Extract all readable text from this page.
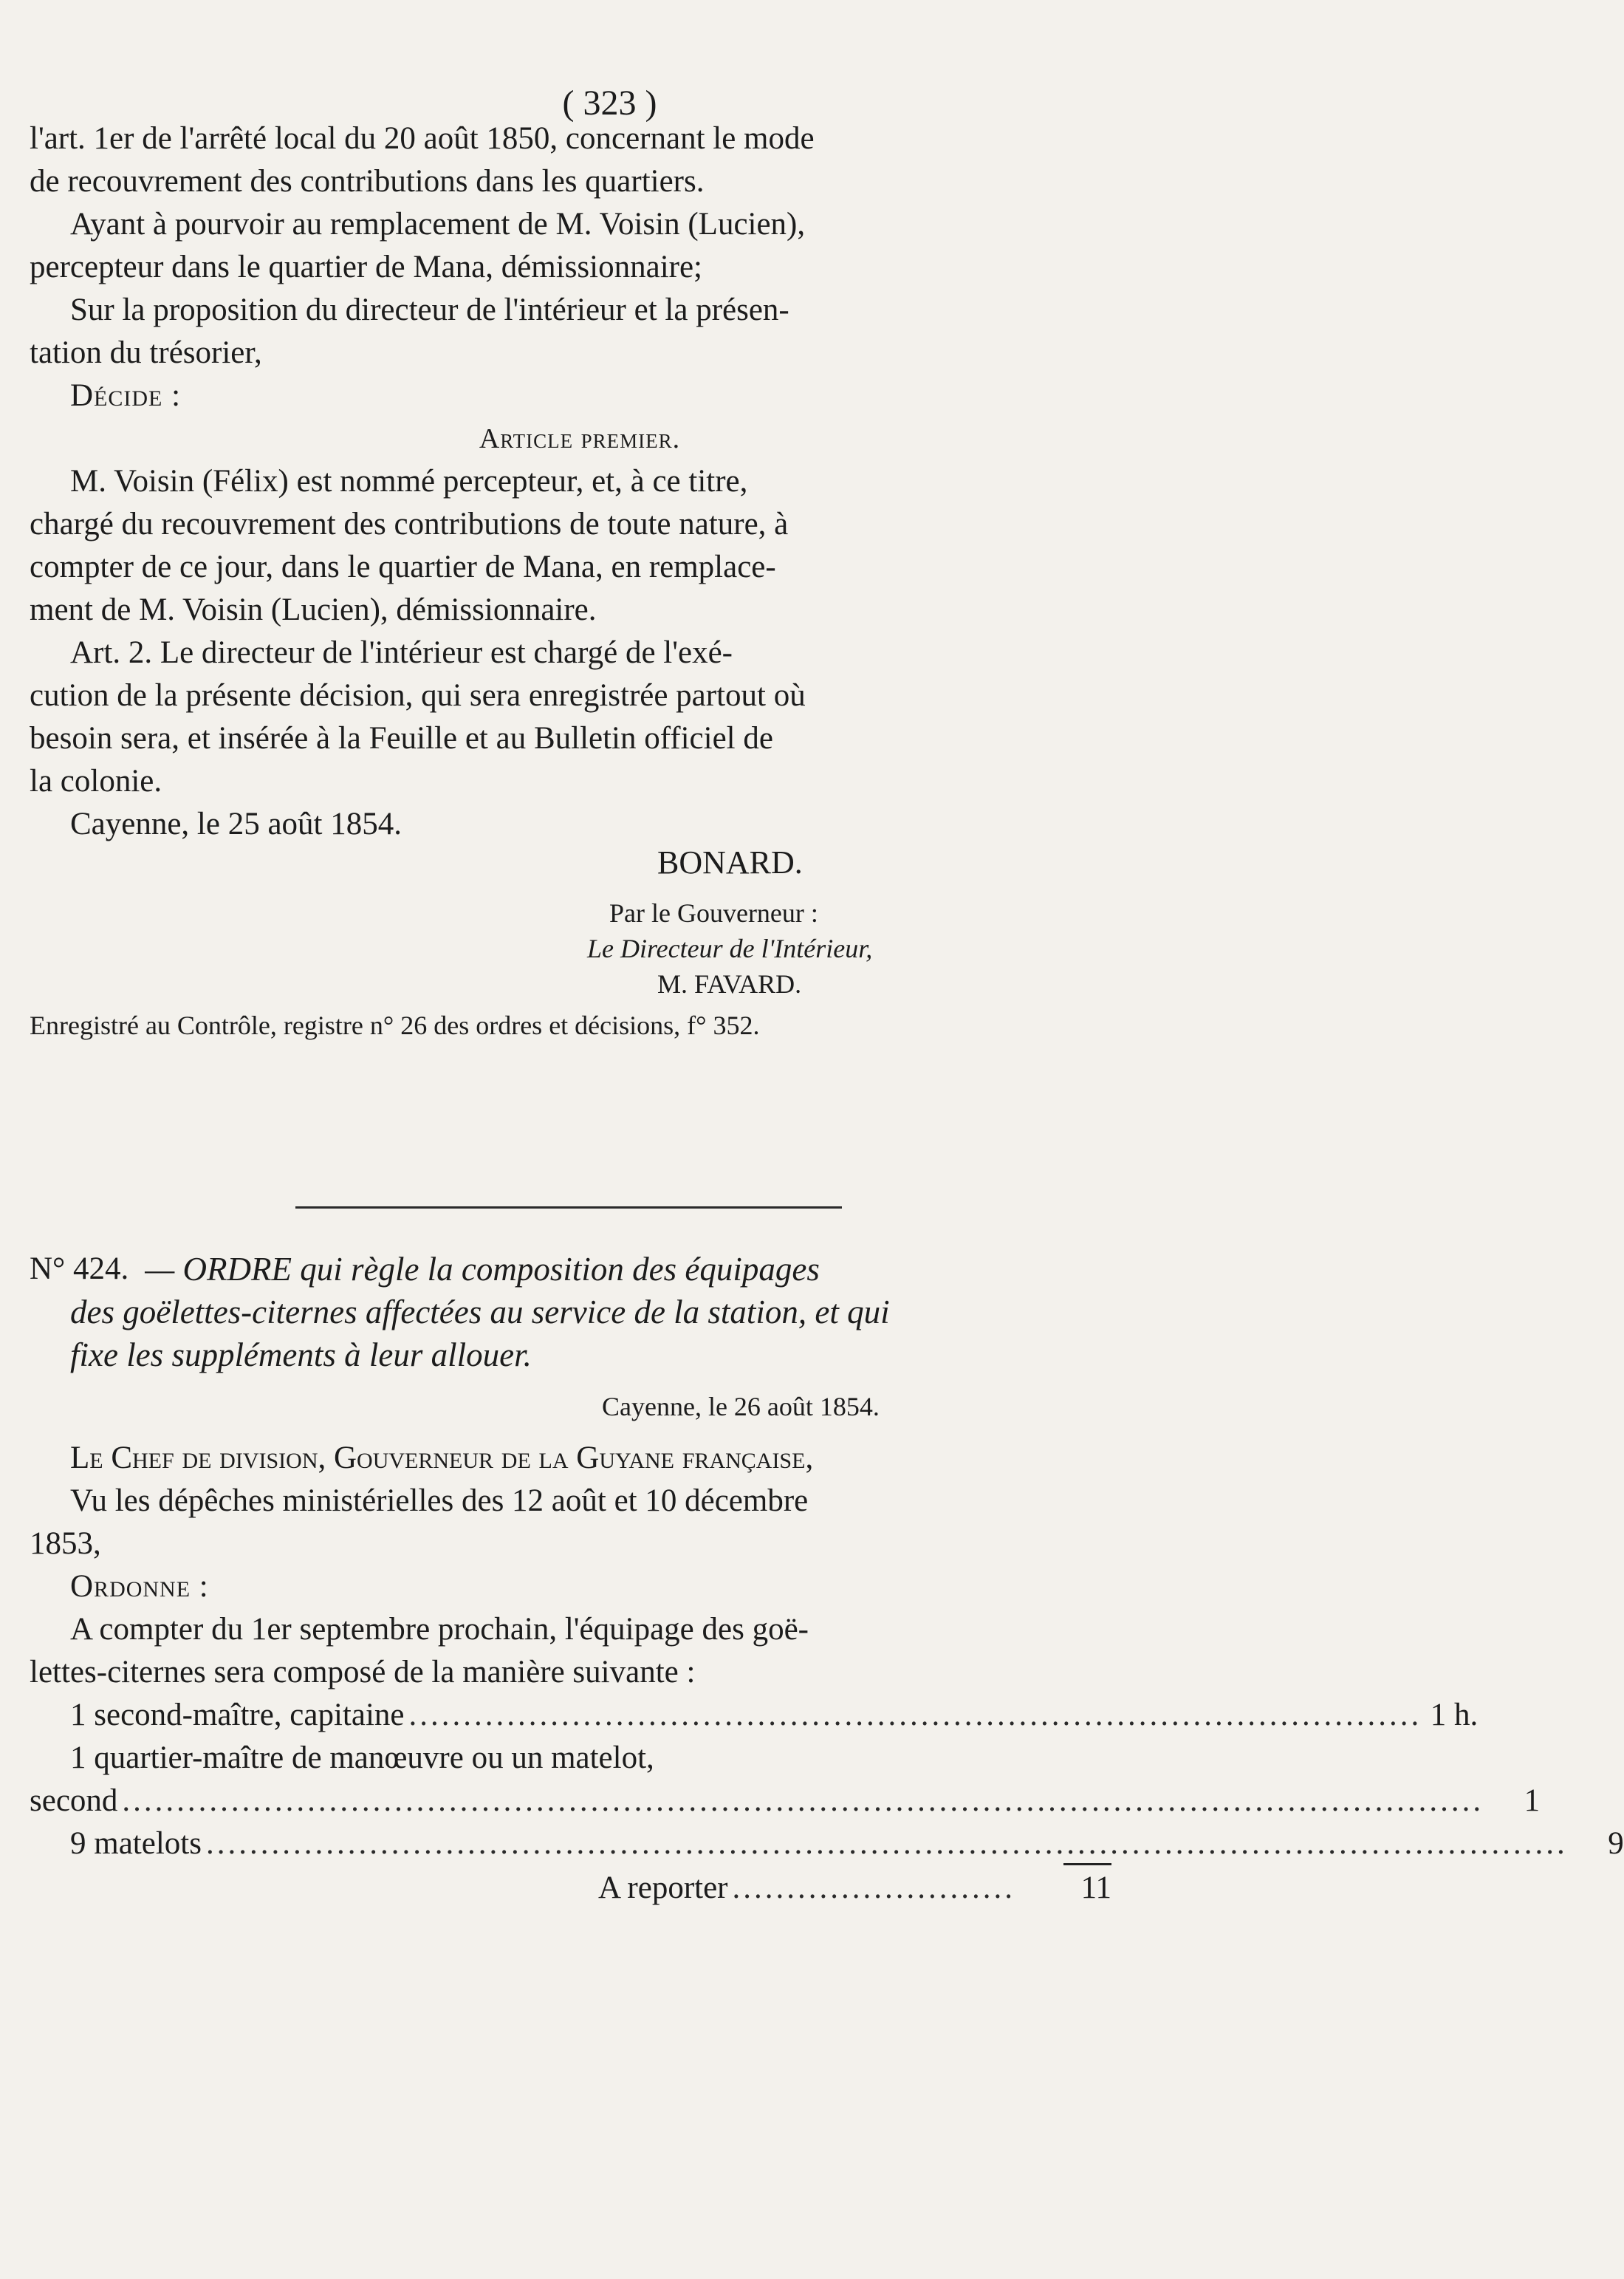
( 323 )
l'art. 1er de l'arrêté local du 20 août 1850, concernant le mode
de recouvrement des contributions dans les quartiers.
Ayant à pourvoir au remplacement de M. Voisin (Lucien),
percepteur dans le quartier de Mana, démissionnaire;
Sur la proposition du directeur de l'intérieur et la présen-
tation du trésorier,
Décide :
Article premier.
M. Voisin (Félix) est nommé percepteur, et, à ce titre,
chargé du recouvrement des contributions de toute nature, à
compter de ce jour, dans le quartier de Mana, en remplace-
ment de M. Voisin (Lucien), démissionnaire.
Art. 2. Le directeur de l'intérieur est chargé de l'exé-
cution de la présente décision, qui sera enregistrée partout où
besoin sera, et insérée à la Feuille et au Bulletin officiel de
la colonie.
Cayenne, le 25 août 1854.
BONARD.
Par le Gouverneur :
Le Directeur de l'Intérieur,
M. FAVARD.
Enregistré au Contrôle, registre n° 26 des ordres et décisions, f° 352.
N° 424. — ORDRE qui règle la composition des équipages
des goëlettes-citernes affectées au service de la station, et qui
fixe les suppléments à leur allouer.
Cayenne, le 26 août 1854.
Le Chef de division, Gouverneur de la Guyane française,
Vu les dépêches ministérielles des 12 août et 10 décembre
1853,
Ordonne :
A compter du 1er septembre prochain, l'équipage des goë-
lettes-citernes sera composé de la manière suivante :
1 second-maître, capitaine ............................................................................................. 1 h.
1 quartier-maître de manœuvre ou un matelot,
second .............................................................................................................................	1
9 matelots .............................................................................................................................	9
A reporter ..........................	11
